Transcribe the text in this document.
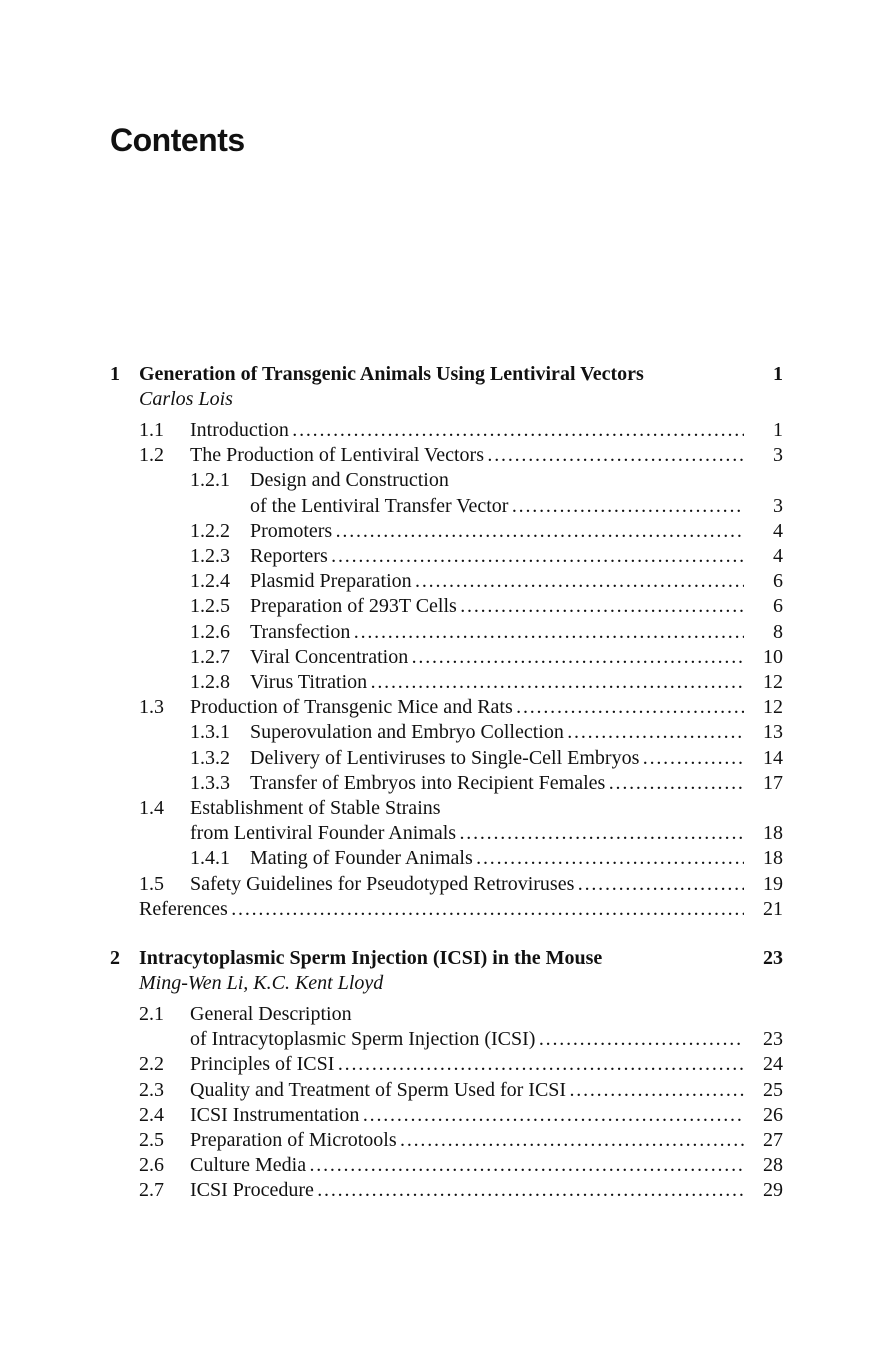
Contents
1 Generation of Transgenic Animals Using Lentiviral Vectors	1
Carlos Lois
1.1 Introduction . . .	1
1.2 The Production of Lentiviral Vectors . . .	3
1.2.1 Design and Construction
of the Lentiviral Transfer Vector . . .	3
1.2.2 Promoters . . .	4
1.2.3 Reporters . . .	4
1.2.4 Plasmid Preparation . . .	6
1.2.5 Preparation of 293T Cells . . .	6
1.2.6 Transfection . . .	8
1.2.7 Viral Concentration . . .	10
1.2.8 Virus Titration . . .	12
1.3 Production of Transgenic Mice and Rats . . .	12
1.3.1 Superovulation and Embryo Collection . . .	13
1.3.2 Delivery of Lentiviruses to Single-Cell Embryos . . .	14
1.3.3 Transfer of Embryos into Recipient Females . . .	17
1.4 Establishment of Stable Strains
from Lentiviral Founder Animals . . .	18
1.4.1 Mating of Founder Animals . . .	18
1.5 Safety Guidelines for Pseudotyped Retroviruses . . .	19
References . . .	21
2 Intracytoplasmic Sperm Injection (ICSI) in the Mouse	23
Ming-Wen Li, K.C. Kent Lloyd
2.1 General Description
of Intracytoplasmic Sperm Injection (ICSI) . . .	23
2.2 Principles of ICSI . . .	24
2.3 Quality and Treatment of Sperm Used for ICSI . . .	25
2.4 ICSI Instrumentation . . .	26
2.5 Preparation of Microtools . . .	27
2.6 Culture Media . . .	28
2.7 ICSI Procedure . . .	29
